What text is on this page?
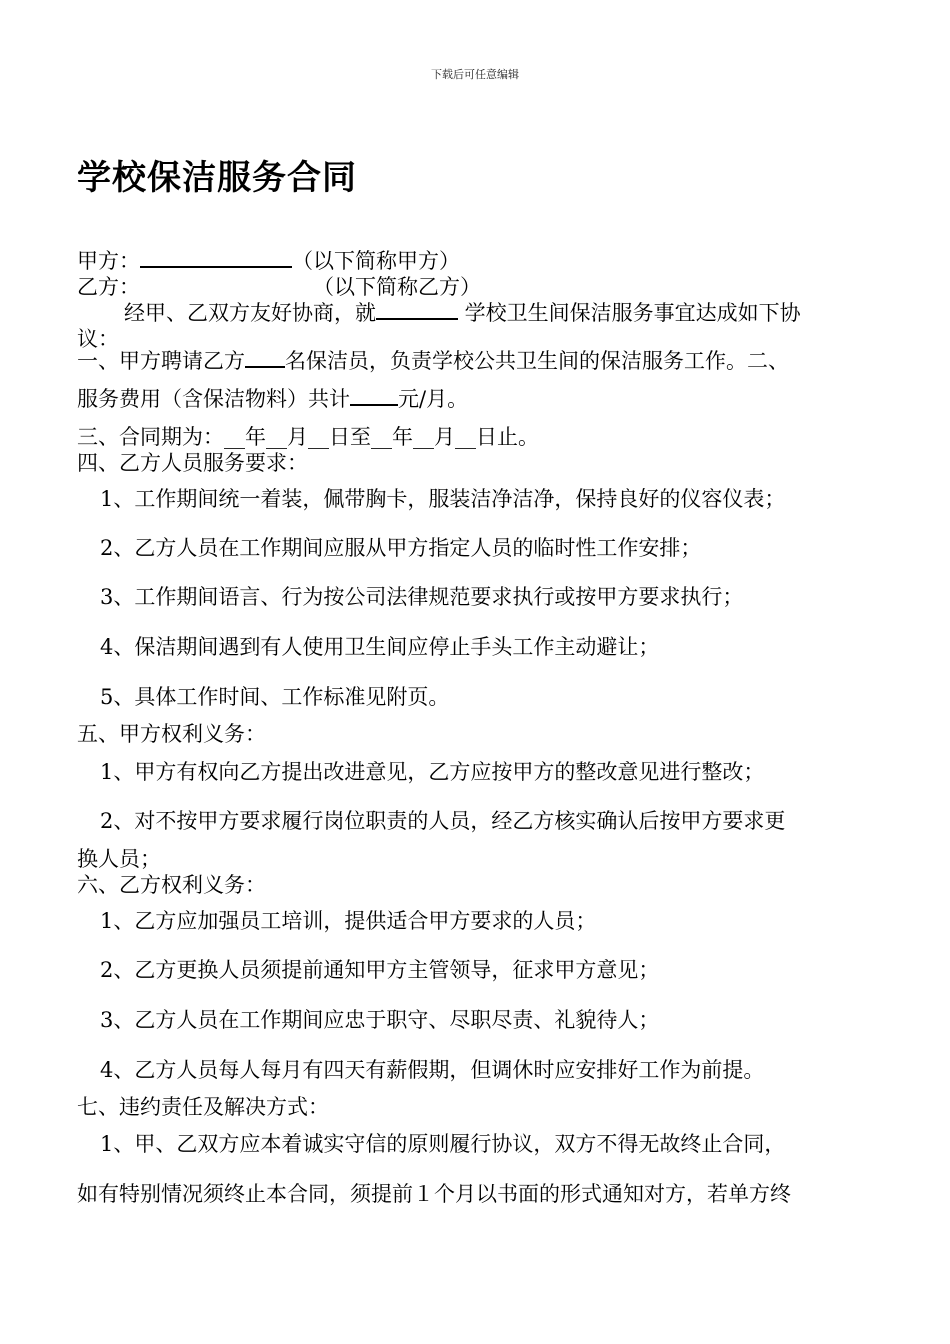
下载后可任意编辑
学校保洁服务合同
甲方：	（以下简称甲方）
乙方：	（以下简称乙方）
经甲、乙双方友好协商，就	学校卫生间保洁服务事宜达成如下协
议：
一、甲方聘请乙方 名保洁员，负责学校公共卫生间的保洁服务工作。二、
服务费用（含保洁物料）共计 元/月。
三、合同期为：__年__月__日至__年__月__日止。
四、乙方人员服务要求：
1、工作期间统一着装，佩带胸卡，服装洁净洁净，保持良好的仪容仪表；
2、乙方人员在工作期间应服从甲方指定人员的临时性工作安排；
3、工作期间语言、行为按公司法律规范要求执行或按甲方要求执行；
4、保洁期间遇到有人使用卫生间应停止手头工作主动避让；
5、具体工作时间、工作标准见附页。
五、甲方权利义务：
1、甲方有权向乙方提出改进意见，乙方应按甲方的整改意见进行整改；
2、对不按甲方要求履行岗位职责的人员，经乙方核实确认后按甲方要求更
换人员；
六、乙方权利义务：
1、乙方应加强员工培训，提供适合甲方要求的人员；
2、乙方更换人员须提前通知甲方主管领导，征求甲方意见；
3、乙方人员在工作期间应忠于职守、尽职尽责、礼貌待人；
4、乙方人员每人每月有四天有薪假期，但调休时应安排好工作为前提。
七、违约责任及解决方式：
1、甲、乙双方应本着诚实守信的原则履行协议，双方不得无故终止合同，
如有特别情况须终止本合同，须提前１个月以书面的形式通知对方，若单方终
